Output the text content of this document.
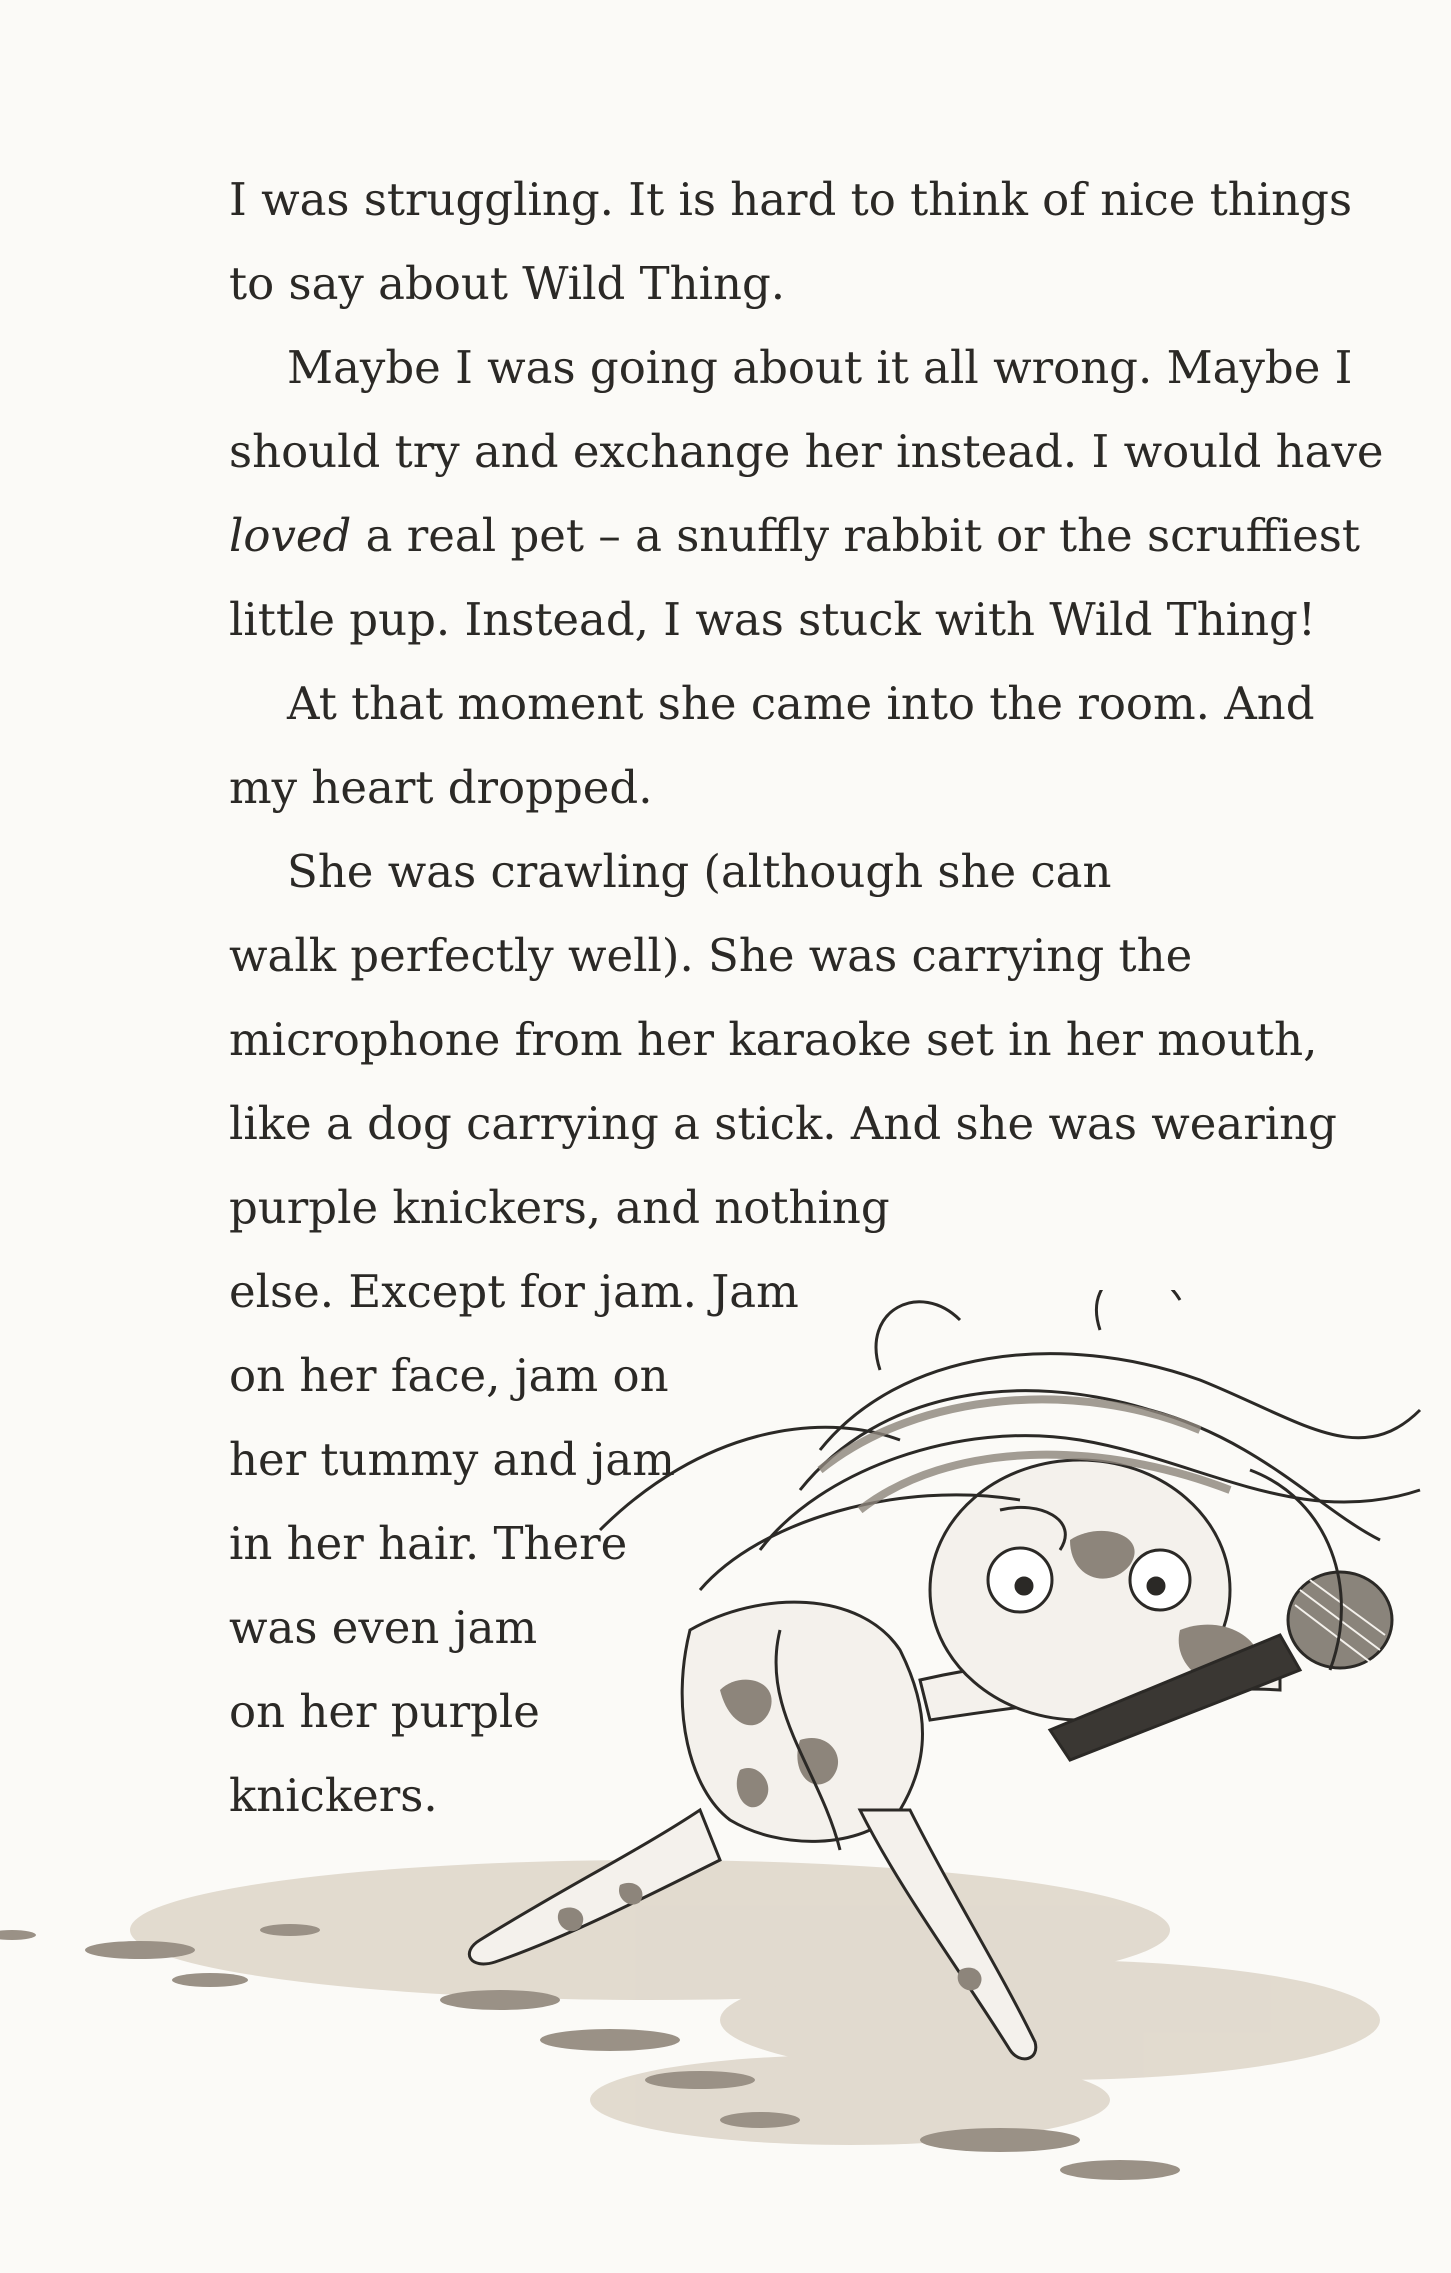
I was struggling. It is hard to think of nice things
to say about Wild Thing.
Maybe I was going about it all wrong. Maybe I
should try and exchange her instead. I would have
loved a real pet – a snuffly rabbit or the scruffiest
little pup. Instead, I was stuck with Wild Thing!
At that moment she came into the room. And
my heart dropped.
She was crawling (although she can
walk perfectly well). She was carrying the
microphone from her karaoke set in her mouth,
like a dog carrying a stick. And she was wearing
purple knickers, and nothing
else. Except for jam. Jam
on her face, jam on
her tummy and jam
in her hair. There
was even jam
on her purple
knickers.
